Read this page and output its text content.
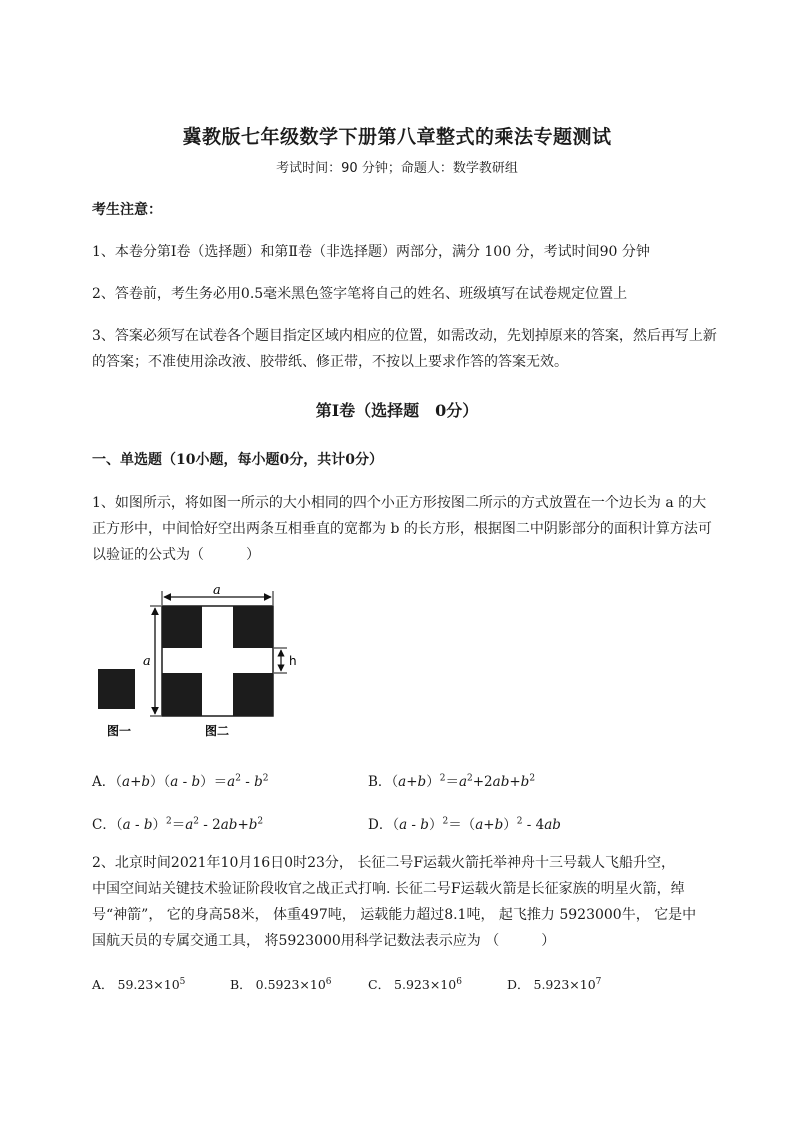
冀教版七年级数学下册第八章整式的乘法专题测试
考试时间：90 分钟；命题人：数学教研组
考生注意：
1、本卷分第Ⅰ卷（选择题）和第Ⅱ卷（非选择题）两部分，满分 100 分，考试时间90 分钟
2、答卷前，考生务必用0.5毫米黑色签字笔将自己的姓名、班级填写在试卷规定位置上
3、答案必须写在试卷各个题目指定区域内相应的位置，如需改动，先划掉原来的答案，然后再写上新
的答案；不准使用涂改液、胶带纸、修正带，不按以上要求作答的答案无效。
第Ⅰ卷（选择题　0分）
一、单选题（10小题，每小题0分，共计0分）
1、如图所示，将如图一所示的大小相同的四个小正方形按图二所示的方式放置在一个边长为 a 的大
正方形中，中间恰好空出两条互相垂直的宽都为 b 的长方形，根据图二中阴影部分的面积计算方法可
以验证的公式为（　　　）
a
a	h
图一	图二
A．$(a+b)(a - b)=a^2 - b^2$	B．$(a+b)^2=a^2+2ab+b^2$
C．$(a - b)^2=a^2 - 2ab+b^2$	D．$(a - b)^2=(a+b)^2 - 4ab$
2、北京时间2021年10月16日0时23分， 长征二号F运载火箭托举神舟十三号载人飞船升空，
中国空间站关键技术验证阶段收官之战正式打响. 长征二号F运载火箭是长征家族的明星火箭，绰
号“神箭”， 它的身高58米， 体重497吨， 运载能力超过8.1吨， 起飞推力 5923000牛， 它是中
国航天员的专属交通工具， 将5923000用科学记数法表示应为 （　　　）
A． $59.23\times 10^5$	B． $0.5923\times 10^6$	C． $5.923\times 10^6$	D． $5.923\times 10^7$
